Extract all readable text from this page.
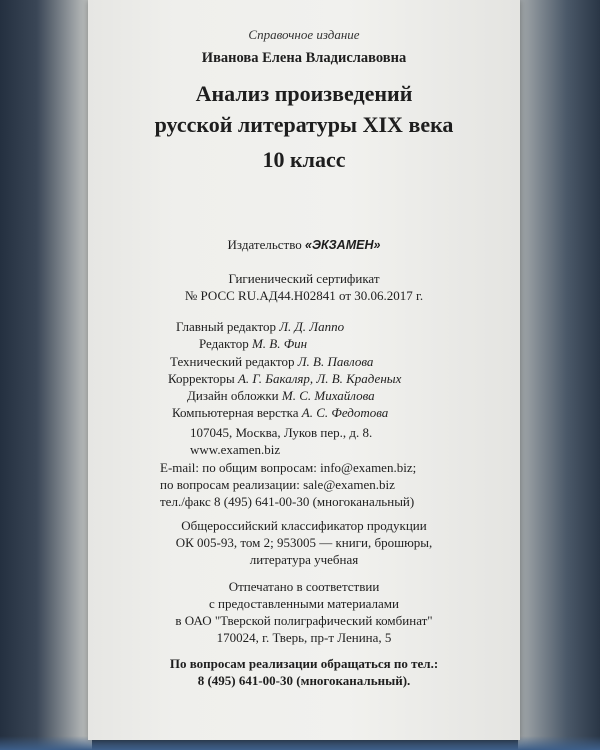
Справочное издание
Иванова Елена Владиславовна
Анализ произведений
русской литературы XIX века
10 класс
Издательство «ЭКЗАМЕН»
Гигиенический сертификат
№ РОСС RU.АД44.Н02841 от 30.06.2017 г.
Главный редактор Л. Д. Лаппо
Редактор М. В. Фин
Технический редактор Л. В. Павлова
Корректоры А. Г. Бакаляр, Л. В. Краденых
Дизайн обложки М. С. Михайлова
Компьютерная верстка А. С. Федотова
107045, Москва, Луков пер., д. 8.
www.examen.biz
E-mail: по общим вопросам: info@examen.biz;
по вопросам реализации: sale@examen.biz
тел./факс 8 (495) 641-00-30 (многоканальный)
Общероссийский классификатор продукции
ОК 005-93, том 2; 953005 — книги, брошюры,
литература учебная
Отпечатано в соответствии
с предоставленными материалами
в ОАО "Тверской полиграфический комбинат"
170024, г. Тверь, пр-т Ленина, 5
По вопросам реализации обращаться по тел.:
8 (495) 641-00-30 (многоканальный).
